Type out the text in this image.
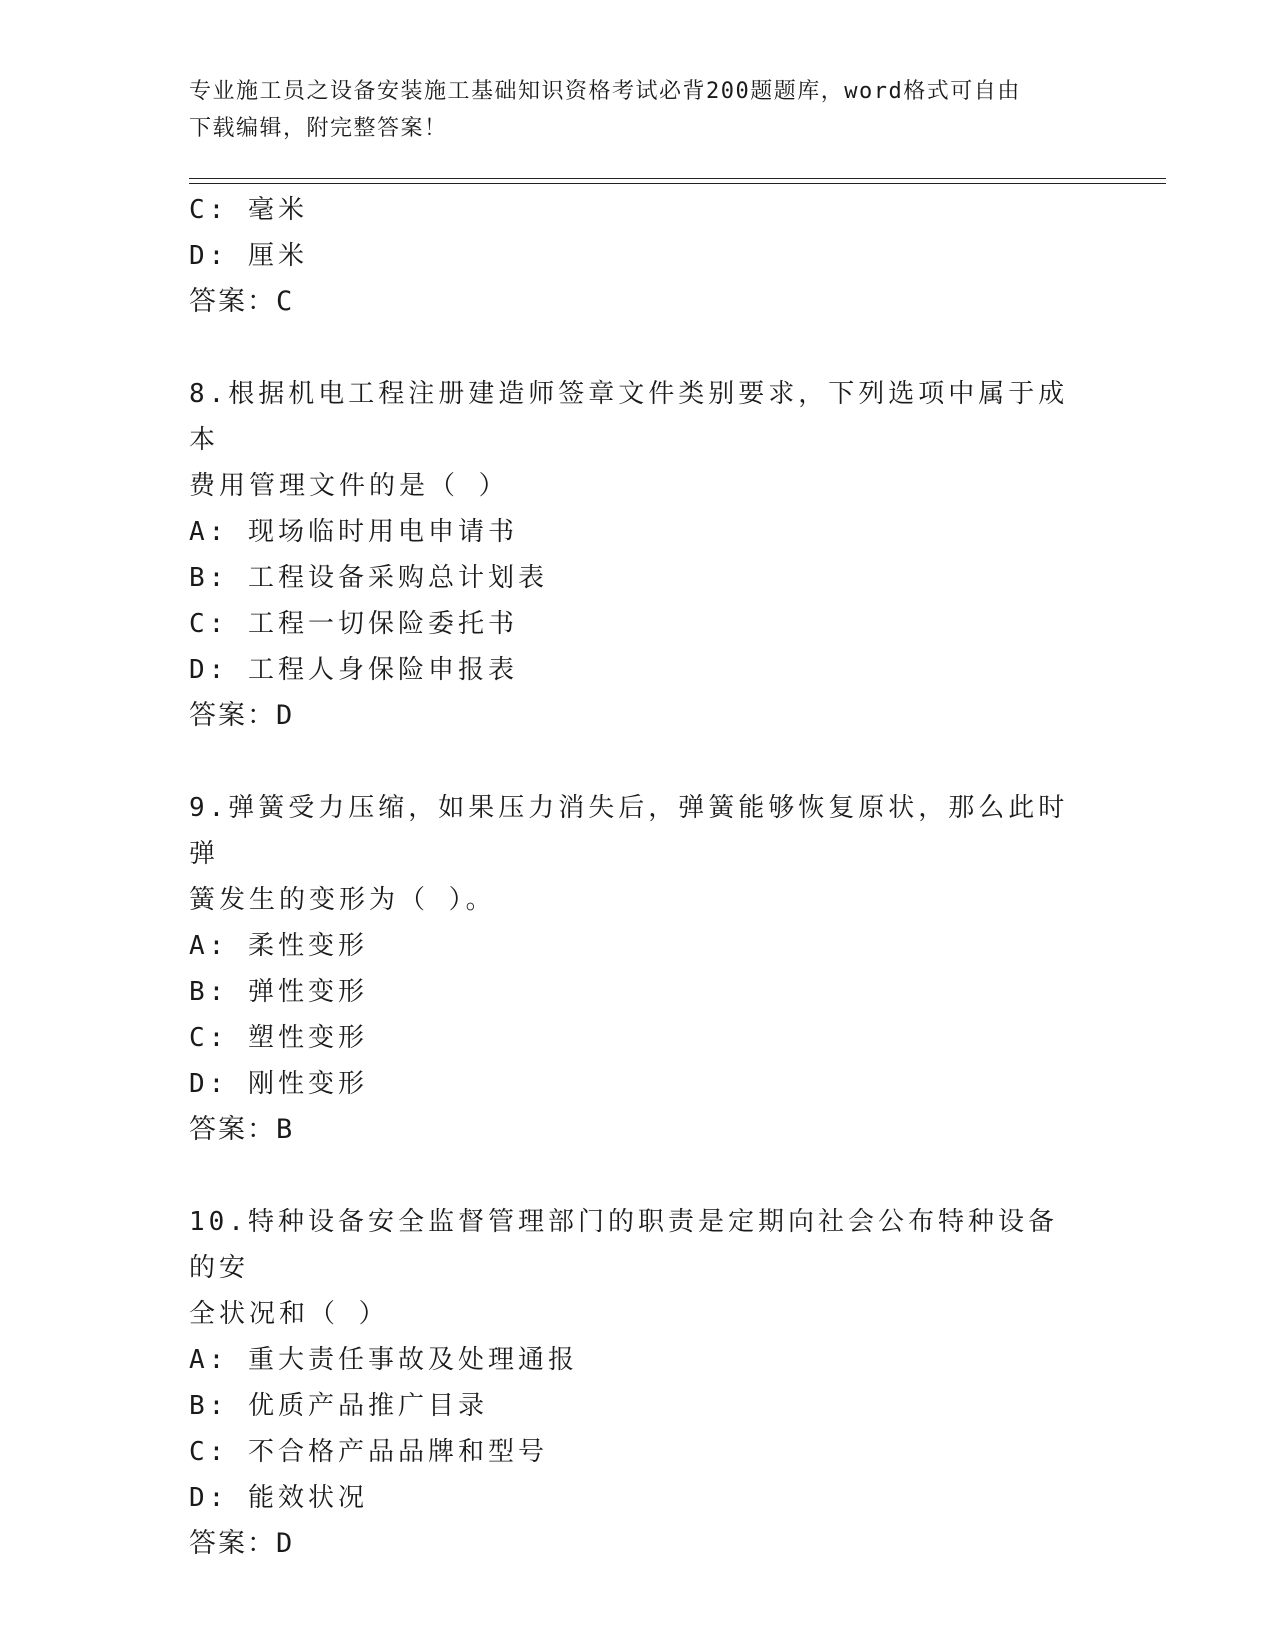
专业施工员之设备安装施工基础知识资格考试必背200题题库，word格式可自由
下载编辑，附完整答案！
C: 毫米
D: 厘米
答案：C
8.根据机电工程注册建造师签章文件类别要求，下列选项中属于成本
费用管理文件的是（ ）
A: 现场临时用电申请书
B: 工程设备采购总计划表
C: 工程一切保险委托书
D: 工程人身保险申报表
答案：D
9.弹簧受力压缩，如果压力消失后，弹簧能够恢复原状，那么此时弹
簧发生的变形为（ ）。
A: 柔性变形
B: 弹性变形
C: 塑性变形
D: 刚性变形
答案：B
10.特种设备安全监督管理部门的职责是定期向社会公布特种设备的安
全状况和（ ）
A: 重大责任事故及处理通报
B: 优质产品推广目录
C: 不合格产品品牌和型号
D: 能效状况
答案：D
